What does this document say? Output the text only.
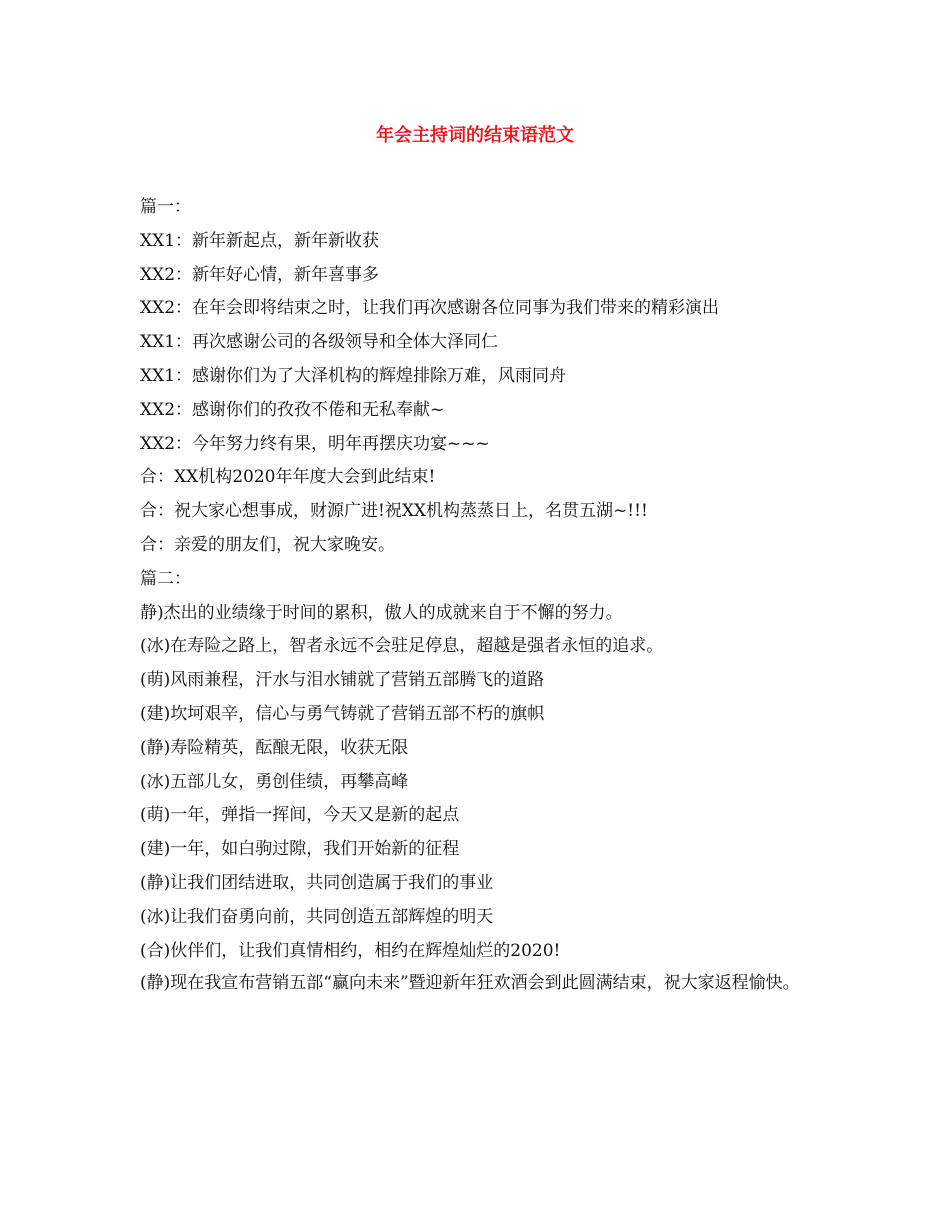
年会主持词的结束语范文
篇一：
XX1：新年新起点，新年新收获
XX2：新年好心情，新年喜事多
XX2：在年会即将结束之时，让我们再次感谢各位同事为我们带来的精彩演出
XX1：再次感谢公司的各级领导和全体大泽同仁
XX1：感谢你们为了大泽机构的辉煌排除万难，风雨同舟
XX2：感谢你们的孜孜不倦和无私奉献~
XX2：今年努力终有果，明年再摆庆功宴~~~
合：XX机构2020年年度大会到此结束!
合：祝大家心想事成，财源广进!祝XX机构蒸蒸日上，名贯五湖~!!!
合：亲爱的朋友们，祝大家晚安。
篇二：
静)杰出的业绩缘于时间的累积，傲人的成就来自于不懈的努力。
(冰)在寿险之路上，智者永远不会驻足停息，超越是强者永恒的追求。
(萌)风雨兼程，汗水与泪水铺就了营销五部腾飞的道路
(建)坎坷艰辛，信心与勇气铸就了营销五部不朽的旗帜
(静)寿险精英，酝酿无限，收获无限
(冰)五部儿女，勇创佳绩，再攀高峰
(萌)一年，弹指一挥间，今天又是新的起点
(建)一年，如白驹过隙，我们开始新的征程
(静)让我们团结进取，共同创造属于我们的事业
(冰)让我们奋勇向前，共同创造五部辉煌的明天
(合)伙伴们，让我们真情相约，相约在辉煌灿烂的2020!
(静)现在我宣布营销五部“赢向未来”暨迎新年狂欢酒会到此圆满结束，祝大家返程愉快。
